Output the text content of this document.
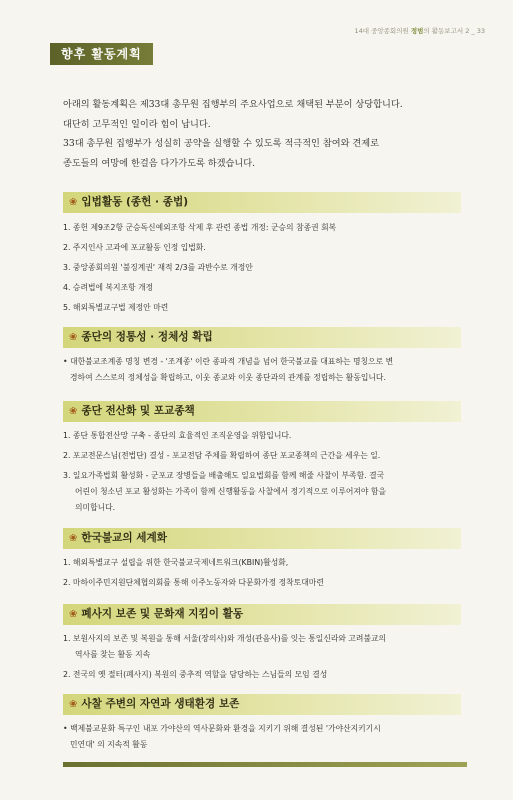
14대 중앙종회의원 정범의 활동보고서 2 _ 33
향후 활동계획

아래의 활동계획은 제33대 총무원 집행부의 주요사업으로 채택된 부분이 상당합니다.

대단히 고무적인 일이라 힘이 납니다.

33대 총무원 집행부가 성실히 공약을 실행할 수 있도록 적극적인 참여와 견제로

종도들의 여망에 한걸음 다가가도록 하겠습니다.

❀ 입법활동 (종헌 · 종법)
1. 종헌 제9조2항 군승독신예외조항 삭제 후 관련 종법 개정: 군승의 참종권 회복
2. 주지인사 고과에 포교활동 인정 입법화.
3. 중앙종회의원 '불징계권' 재적 2/3를 과반수로 개정안
4. 승려법에 복지조항 개정
5. 해외특별교구법 제정안 마련
❀ 종단의 정통성 · 정체성 확립
• 대한불교조계종 명칭 변경 - '조계종' 이란 종파적 개념을 넘어 한국불교를 대표하는 명칭으로 변
경하여 스스로의 정체성을 확립하고, 이웃 종교와 이웃 종단과의 관계를 정립하는 활동입니다.
❀ 종단 전산화 및 포교종책
1. 종단 통합전산망 구축 - 종단의 효율적인 조직운영을 위함입니다.
2. 포교전문스님(전법단) 결성 - 포교전담 주체를 확립하여 종단 포교종책의 근간을 세우는 일.
3. 일요가족법회 활성화 - 군포교 장병들을 배출해도 일요법회를 함께 해줄 사찰이 부족함. 결국
어린이 청소년 포교 활성화는 가족이 함께 신행활동을 사찰에서 정기적으로 이루어져야 함을
의미합니다.
❀ 한국불교의 세계화
1. 해외특별교구 설립을 위한 한국불교국제네트워크(KBIN)활성화,
2. 마하이주민지원단체협의회를 통해 이주노동자와 다문화가정 정착토대마련
❀ 폐사지 보존 및 문화재 지킴이 활동
1. 보원사지의 보존 및 복원을 통해 서울(장의사)와 개성(관음사)를 잇는 통일신라와 고려불교의
역사를 찾는 활동 지속
2. 전국의 옛 절터(폐사지) 복원의 중추적 역할을 담당하는 스님들의 모임 결성
❀ 사찰 주변의 자연과 생태환경 보존
• 백제불교문화 특구인 내포 가야산의 역사문화와 환경을 지키기 위해 결성된 '가야산지키기시
민연대' 의 지속적 활동
